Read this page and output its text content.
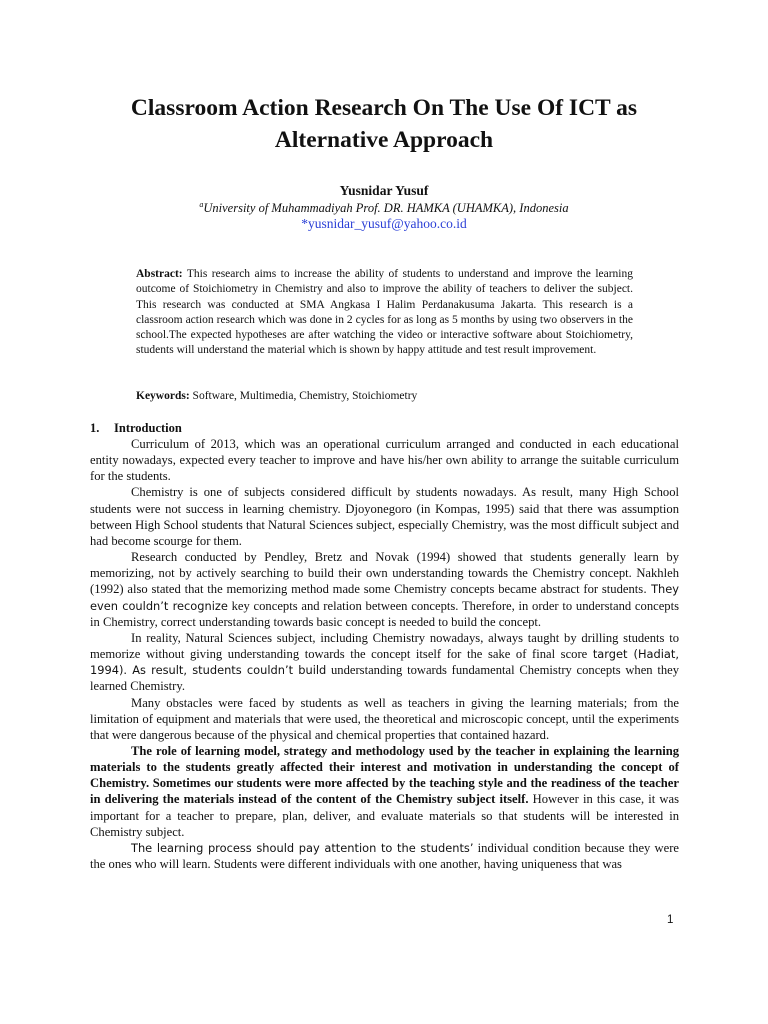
Classroom Action Research On The Use Of ICT as
Alternative Approach
Yusnidar Yusuf
$^a$University of Muhammadiyah Prof. DR. HAMKA (UHAMKA), Indonesia
*yusnidar_yusuf@yahoo.co.id
Abstract: This research aims to increase the ability of students to understand and improve the learning outcome of Stoichiometry in Chemistry and also to improve the ability of teachers to deliver the subject. This research was conducted at SMA Angkasa I Halim Perdanakusuma Jakarta. This research is a classroom action research which was done in 2 cycles for as long as 5 months by using two observers in the school.The expected hypotheses are after watching the video or interactive software about Stoichiometry, students will understand the material which is shown by happy attitude and test result improvement.
Keywords: Software, Multimedia, Chemistry, Stoichiometry
1. Introduction

Curriculum of 2013, which was an operational curriculum arranged and conducted in each educational entity nowadays, expected every teacher to improve and have his/her own ability to arrange the suitable curriculum for the students.

Chemistry is one of subjects considered difficult by students nowadays. As result, many High School students were not success in learning chemistry. Djoyonegoro (in Kompas, 1995) said that there was assumption between High School students that Natural Sciences subject, especially Chemistry, was the most difficult subject and had become scourge for them.

Research conducted by Pendley, Bretz and Novak (1994) showed that students generally learn by memorizing, not by actively searching to build their own understanding towards the Chemistry concept. Nakhleh (1992) also stated that the memorizing method made some Chemistry concepts became abstract for students. They even couldn’t recognize key concepts and relation between concepts. Therefore, in order to understand concepts in Chemistry, correct understanding towards basic concept is needed to build the concept.

In reality, Natural Sciences subject, including Chemistry nowadays, always taught by drilling students to memorize without giving understanding towards the concept itself for the sake of final score target (Hadiat, 1994). As result, students couldn’t build understanding towards fundamental Chemistry concepts when they learned Chemistry.

Many obstacles were faced by students as well as teachers in giving the learning materials; from the limitation of equipment and materials that were used, the theoretical and microscopic concept, until the experiments that were dangerous because of the physical and chemical properties that contained hazard.

The role of learning model, strategy and methodology used by the teacher in explaining the learning materials to the students greatly affected their interest and motivation in understanding the concept of Chemistry. Sometimes our students were more affected by the teaching style and the readiness of the teacher in delivering the materials instead of the content of the Chemistry subject itself. However in this case, it was important for a teacher to prepare, plan, deliver, and evaluate materials so that students will be interested in Chemistry subject.

The learning process should pay attention to the students’ individual condition because they were the ones who will learn. Students were different individuals with one another, having uniqueness that was

1
